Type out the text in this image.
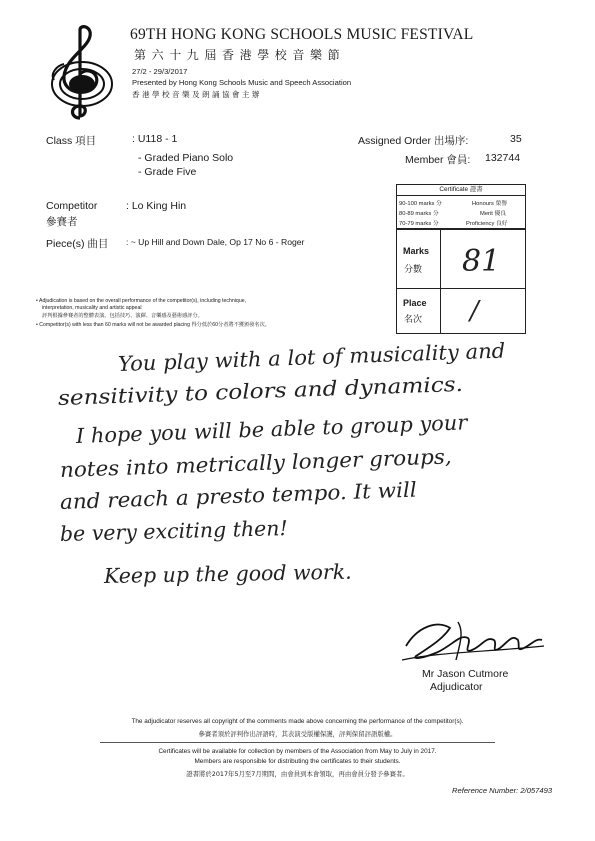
69TH HONG KONG SCHOOLS MUSIC FESTIVAL
第六十九屆香港學校音樂節
27/2 - 29/3/2017
Presented by Hong Kong Schools Music and Speech Association
香港學校音樂及朗誦協會主辦
Class 項目	: U118 - 1
- Graded Piano Solo
- Grade Five
Assigned Order 出場序:	35
Member 會員: 132744
Competitor
參賽者
: Lo King Hin
Piece(s) 曲目 : ~ Up Hill and Down Dale, Op 17 No 6 - Roger
• Adjudication is based on the overall performance of the competitor(s), including technique,
interpretation, musicality and artistic appeal
評判根據參賽者的整體表演，包括技巧、演繹、音樂感及藝術感評分。
• Competitor(s) with less than 60 marks will not be awarded placing 得分低於60分者將不獲頒發名次。
Certificate 證書
90-100 marks 分	Honours 榮譽
80-89 marks 分	Merit 優良
70-79 marks 分	Proficiency 良好
Marks
分數 81
Place
名次 /
You play with a lot of musicality and
sensitivity to colors and dynamics.
I hope you will be able to group your
notes into metrically longer groups,
and reach a presto tempo. It will
be very exciting then!
Keep up the good work.
Mr Jason Cutmore
Adjudicator
The adjudicator reserves all copyright of the comments made above concerning the performance of the competitor(s).
參賽者須於評判作出評語時，其表演受版權保護，評判保留評語版權。
Certificates will be available for collection by members of the Association from May to July in 2017.
Members are responsible for distributing the certificates to their students.
證書將於2017年5月至7月期間，由會員到本會領取，再由會員分發予參賽者。
Reference Number: 2/057493
